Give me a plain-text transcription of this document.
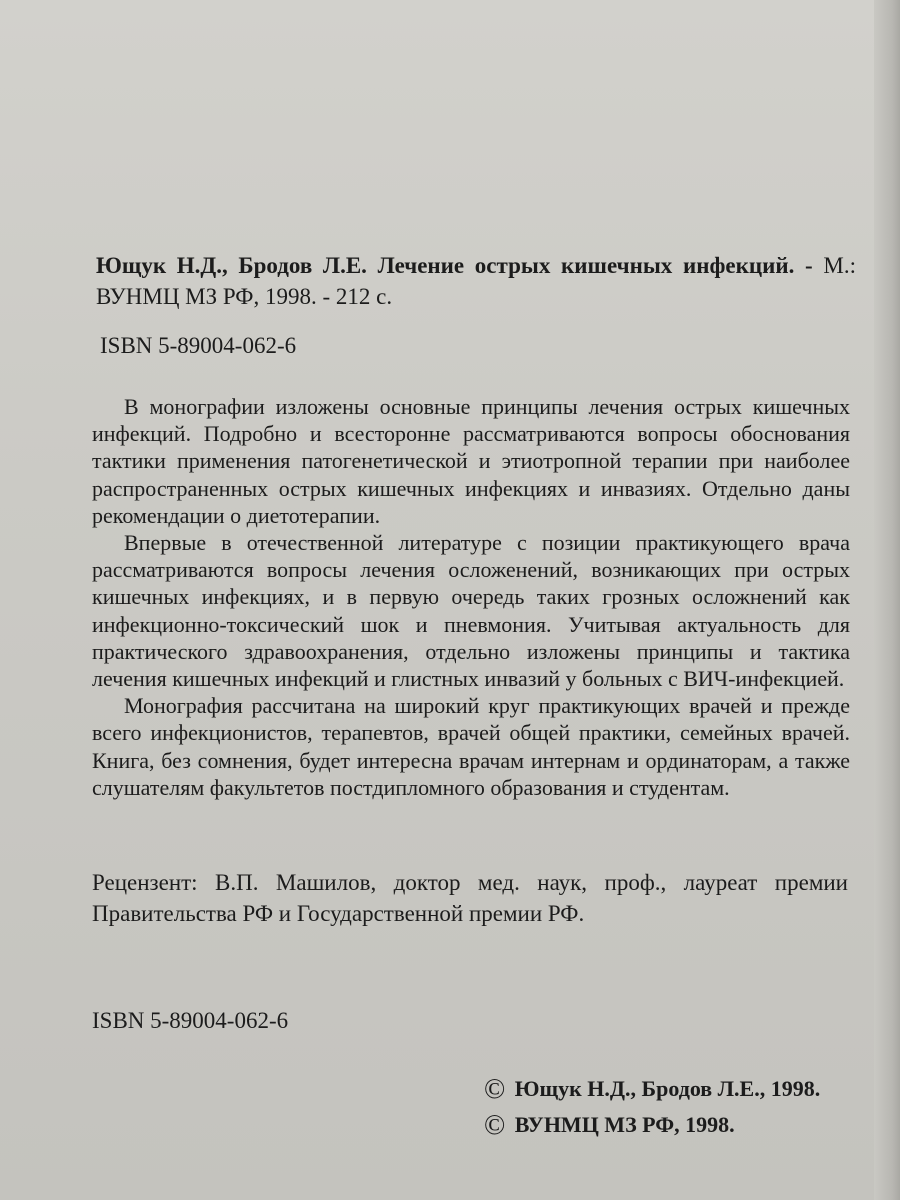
Ющук Н.Д., Бродов Л.Е. Лечение острых кишечных инфекций. - М.: ВУНМЦ МЗ РФ, 1998. - 212 с.
ISBN 5-89004-062-6

В монографии изложены основные принципы лечения острых кишечных инфекций. Подробно и всесторонне рассматриваются вопросы обоснования тактики применения патогенетической и этиотропной терапии при наиболее распространенных острых кишечных инфекциях и инвазиях. Отдельно даны рекомендации о диетотерапии.

Впервые в отечественной литературе с позиции практикующего врача рассматриваются вопросы лечения осложенений, возникающих при острых кишечных инфекциях, и в первую очередь таких грозных осложнений как инфекционно-токсический шок и пневмония. Учитывая актуальность для практического здравоохранения, отдельно изложены принципы и тактика лечения кишечных инфекций и глистных инвазий у больных с ВИЧ-инфекцией.

Монография рассчитана на широкий круг практикующих врачей и прежде всего инфекционистов, терапевтов, врачей общей практики, семейных врачей. Книга, без сомнения, будет интересна врачам интернам и ординаторам, а также слушателям факультетов постдипломного образования и студентам.

Рецензент: В.П. Машилов, доктор мед. наук, проф., лауреат премии Правительства РФ и Государственной премии РФ.
ISBN 5-89004-062-6
© Ющук Н.Д., Бродов Л.Е., 1998.
© ВУНМЦ МЗ РФ, 1998.
